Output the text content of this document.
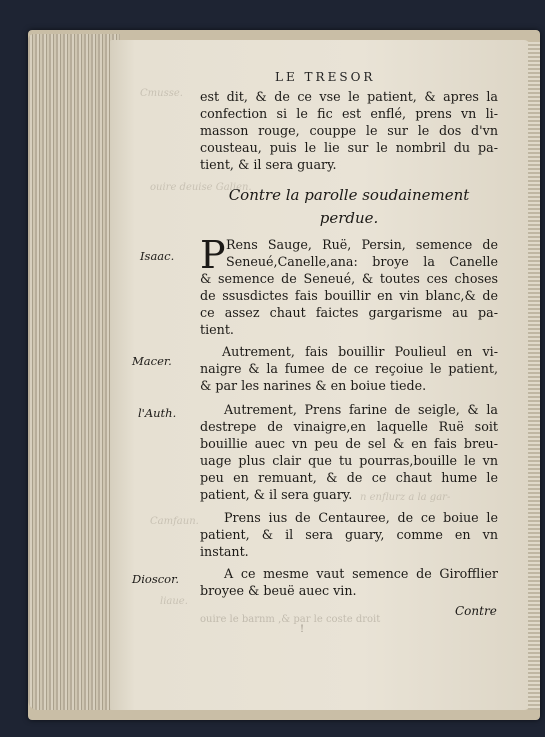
Cmusse.
ouire deuise Galien.
n enflurz a la gar-
Camfaun.
liaue.
LE TRESOR
est dit, & de ce vse le patient, & apres la
confection si le fic est enflé, prens vn li-
masson rouge, couppe le sur le dos d'vn
cousteau, puis le lie sur le nombril du pa-
tient, & il sera guary.
Contre la parolle soudainement
perdue.
Isaac. P Rens Sauge, Ruë, Persin, semence de
Seneué,Canelle,ana: broye la Canelle
& semence de Seneué, & toutes ces choses
de ssusdictes fais bouillir en vin blanc,& de
ce assez chaut faictes gargarisme au pa-
tient.
Macer.
Autrement, fais bouillir Poulieul en vi-
naigre & la fumee de ce reçoiue le patient,
& par les narines & en boiue tiede.
l'Auth.	Autrement, Prens farine de seigle, & la
destrepe de vinaigre,en laquelle Ruë soit
bouillie auec vn peu de sel & en fais breu-
uage plus clair que tu pourras,bouille le vn
peu en remuant, & de ce chaut hume le
patient, & il sera guary.
Prens ius de Centauree, de ce boiue le
patient, & il sera guary, comme en vn
instant.
Dioscor.	A ce mesme vaut semence de Girofflier
broyee & beuë auec vin.
Contre
ouire le barnm ,& par le coste droit
!
